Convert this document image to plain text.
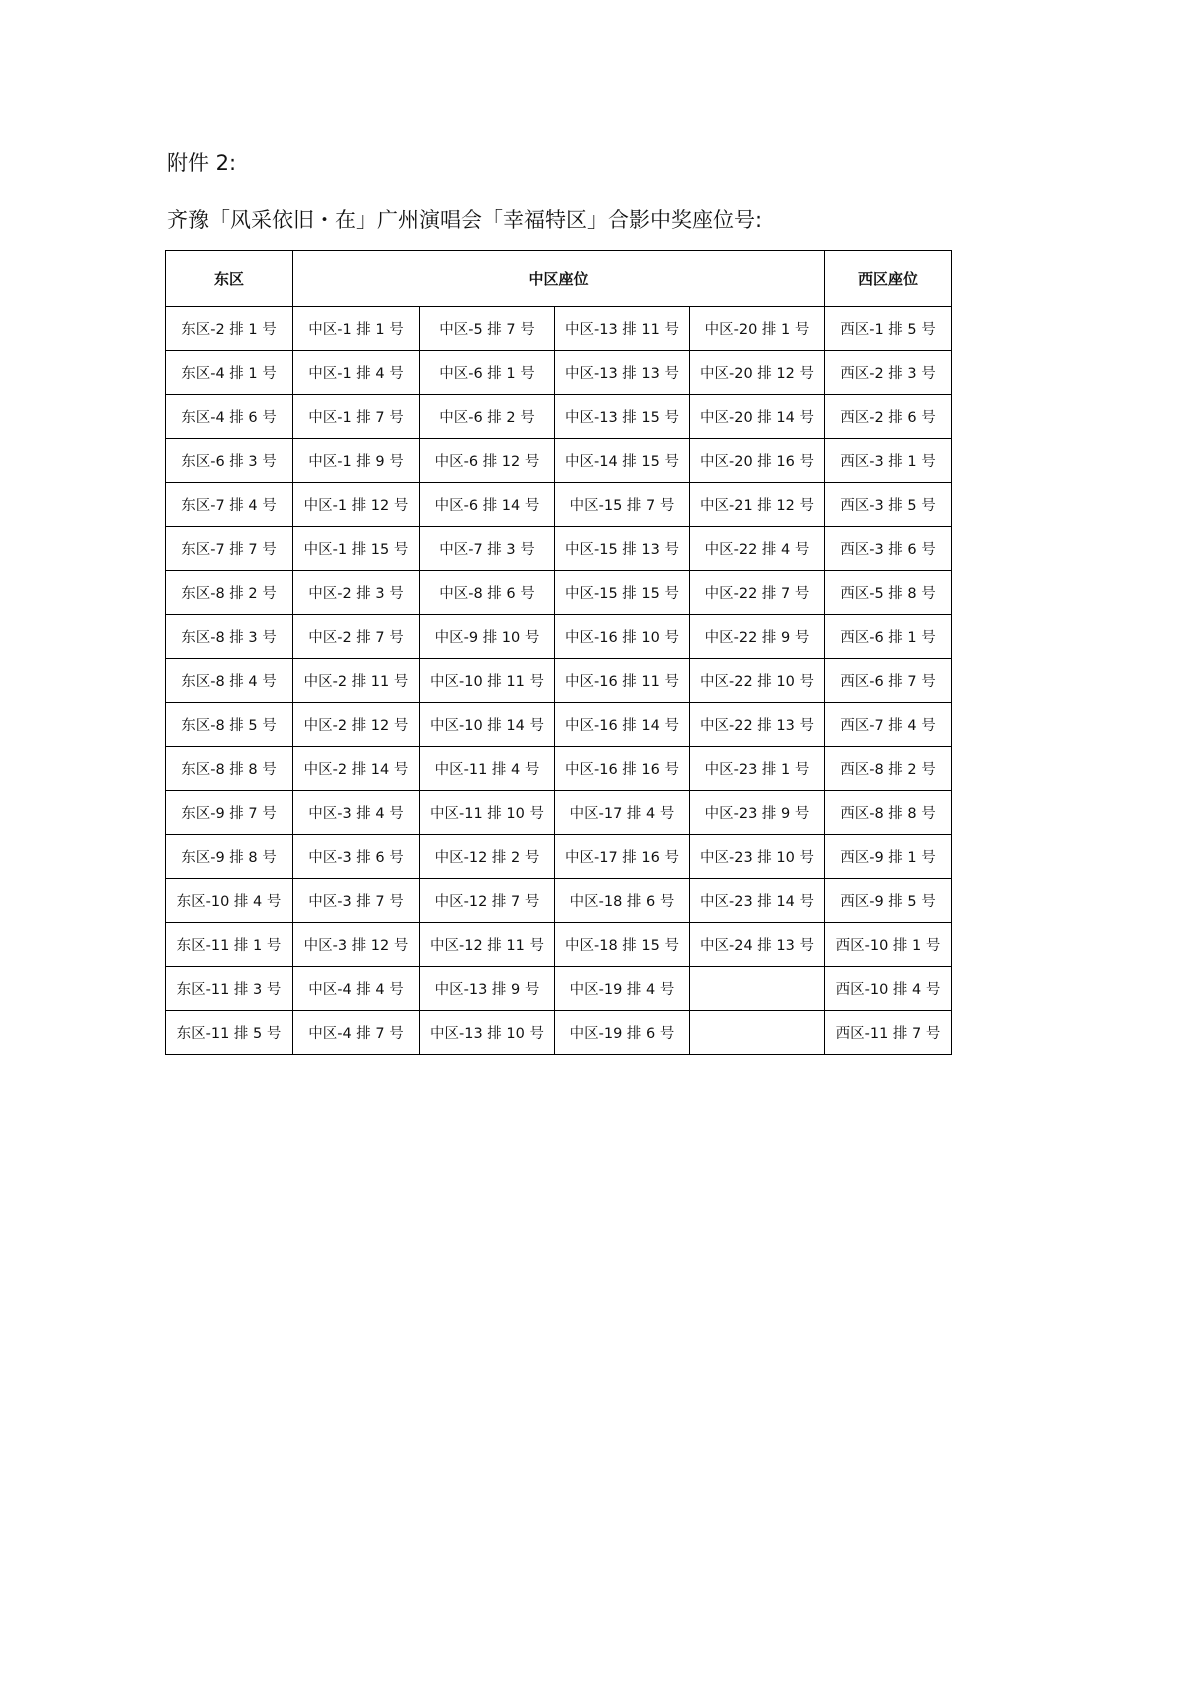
附件 2:
齐豫「风采依旧・在」广州演唱会「幸福特区」合影中奖座位号:
东区	中区座位				西区座位
东区-2 排 1 号	中区-1 排 1 号	中区-5 排 7 号	中区-13 排 11 号	中区-20 排 1 号	西区-1 排 5 号
东区-4 排 1 号	中区-1 排 4 号	中区-6 排 1 号	中区-13 排 13 号	中区-20 排 12 号	西区-2 排 3 号
东区-4 排 6 号	中区-1 排 7 号	中区-6 排 2 号	中区-13 排 15 号	中区-20 排 14 号	西区-2 排 6 号
东区-6 排 3 号	中区-1 排 9 号	中区-6 排 12 号	中区-14 排 15 号	中区-20 排 16 号	西区-3 排 1 号
东区-7 排 4 号	中区-1 排 12 号	中区-6 排 14 号	中区-15 排 7 号	中区-21 排 12 号	西区-3 排 5 号
东区-7 排 7 号	中区-1 排 15 号	中区-7 排 3 号	中区-15 排 13 号	中区-22 排 4 号	西区-3 排 6 号
东区-8 排 2 号	中区-2 排 3 号	中区-8 排 6 号	中区-15 排 15 号	中区-22 排 7 号	西区-5 排 8 号
东区-8 排 3 号	中区-2 排 7 号	中区-9 排 10 号	中区-16 排 10 号	中区-22 排 9 号	西区-6 排 1 号
东区-8 排 4 号	中区-2 排 11 号	中区-10 排 11 号	中区-16 排 11 号	中区-22 排 10 号	西区-6 排 7 号
东区-8 排 5 号	中区-2 排 12 号	中区-10 排 14 号	中区-16 排 14 号	中区-22 排 13 号	西区-7 排 4 号
东区-8 排 8 号	中区-2 排 14 号	中区-11 排 4 号	中区-16 排 16 号	中区-23 排 1 号	西区-8 排 2 号
东区-9 排 7 号	中区-3 排 4 号	中区-11 排 10 号	中区-17 排 4 号	中区-23 排 9 号	西区-8 排 8 号
东区-9 排 8 号	中区-3 排 6 号	中区-12 排 2 号	中区-17 排 16 号	中区-23 排 10 号	西区-9 排 1 号
东区-10 排 4 号	中区-3 排 7 号	中区-12 排 7 号	中区-18 排 6 号	中区-23 排 14 号	西区-9 排 5 号
东区-11 排 1 号	中区-3 排 12 号	中区-12 排 11 号	中区-18 排 15 号	中区-24 排 13 号	西区-10 排 1 号
东区-11 排 3 号	中区-4 排 4 号	中区-13 排 9 号	中区-19 排 4 号		西区-10 排 4 号
东区-11 排 5 号	中区-4 排 7 号	中区-13 排 10 号	中区-19 排 6 号		西区-11 排 7 号
